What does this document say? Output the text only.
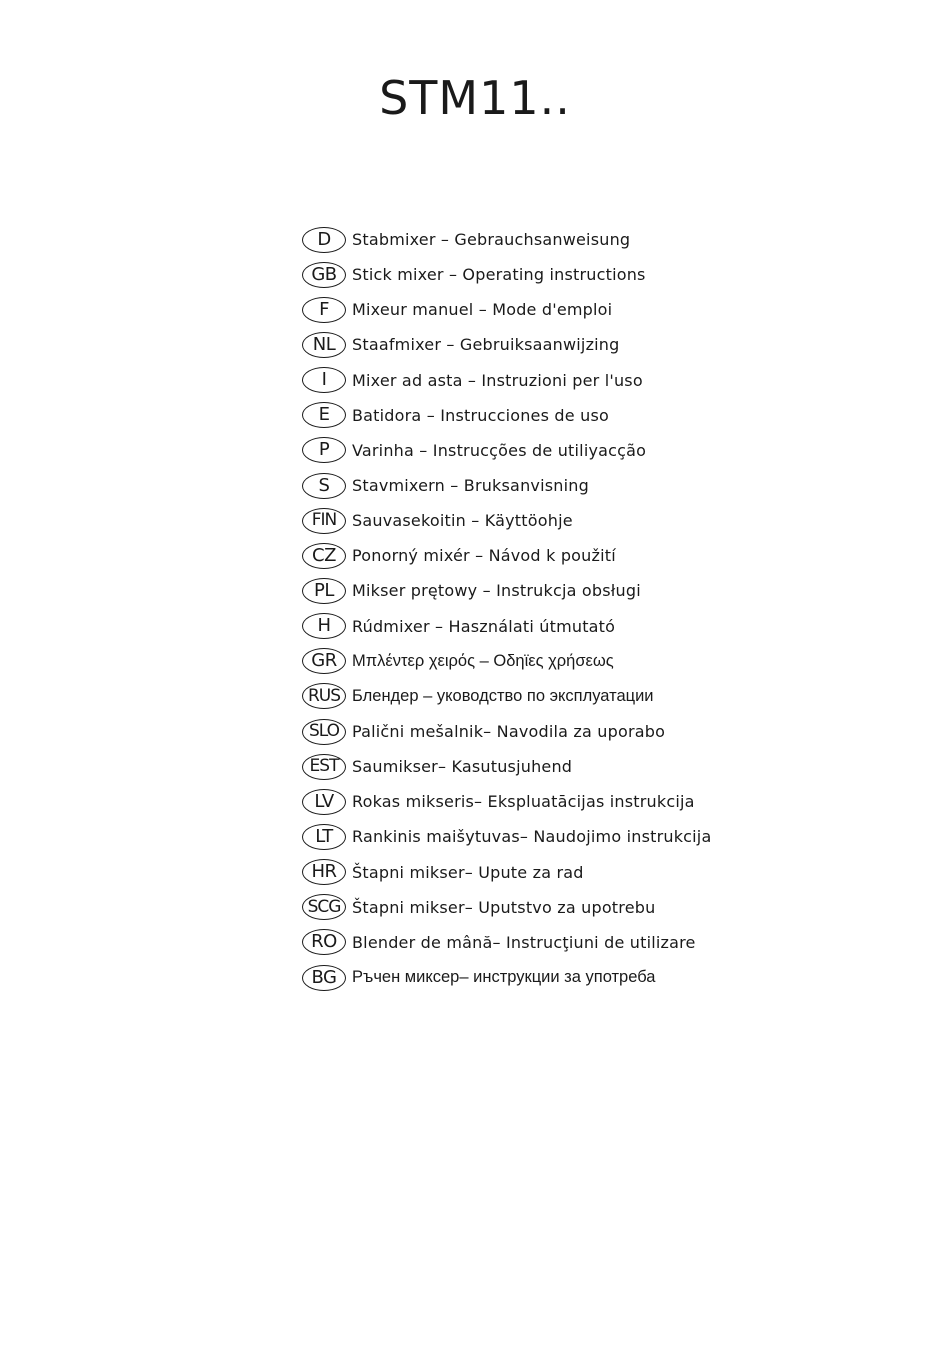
STM11..
D	Stabmixer – Gebrauchsanweisung
GB Stick mixer – Operating instructions
F	Mixeur manuel – Mode d'emploi
NL	Staafmixer – Gebruiksaanwijzing
I	Mixer ad asta – Instruzioni per l'uso
E	Batidora – Instrucciones de uso
P	Varinha – Instrucções de utiliyacção
S	Stavmixern – Bruksanvisning
FIN Sauvasekoitin – Käyttöohje
CZ	Ponorný mixér – Návod k použití
PL	Mikser prętowy – Instrukcja obsługi
H	Rúdmixer – Használati útmutató
GR Μπλέντερ χειρός – Οδηϊες χρήσεως
RUS Блендер – уководство по эксплуатации
SLO Palični mešalnik– Navodila za uporabo
EST Saumikser– Kasutusjuhend
LV	Rokas mikseris– Ekspluatācijas instrukcija
LT	Rankinis maišytuvas– Naudojimo instrukcija
HR Štapni mikser– Upute za rad
SCG Štapni mikser– Uputstvo za upotrebu
RO Blender de mână– Instrucţiuni de utilizare
BG Ръчен миксер– инструкции за употреба
